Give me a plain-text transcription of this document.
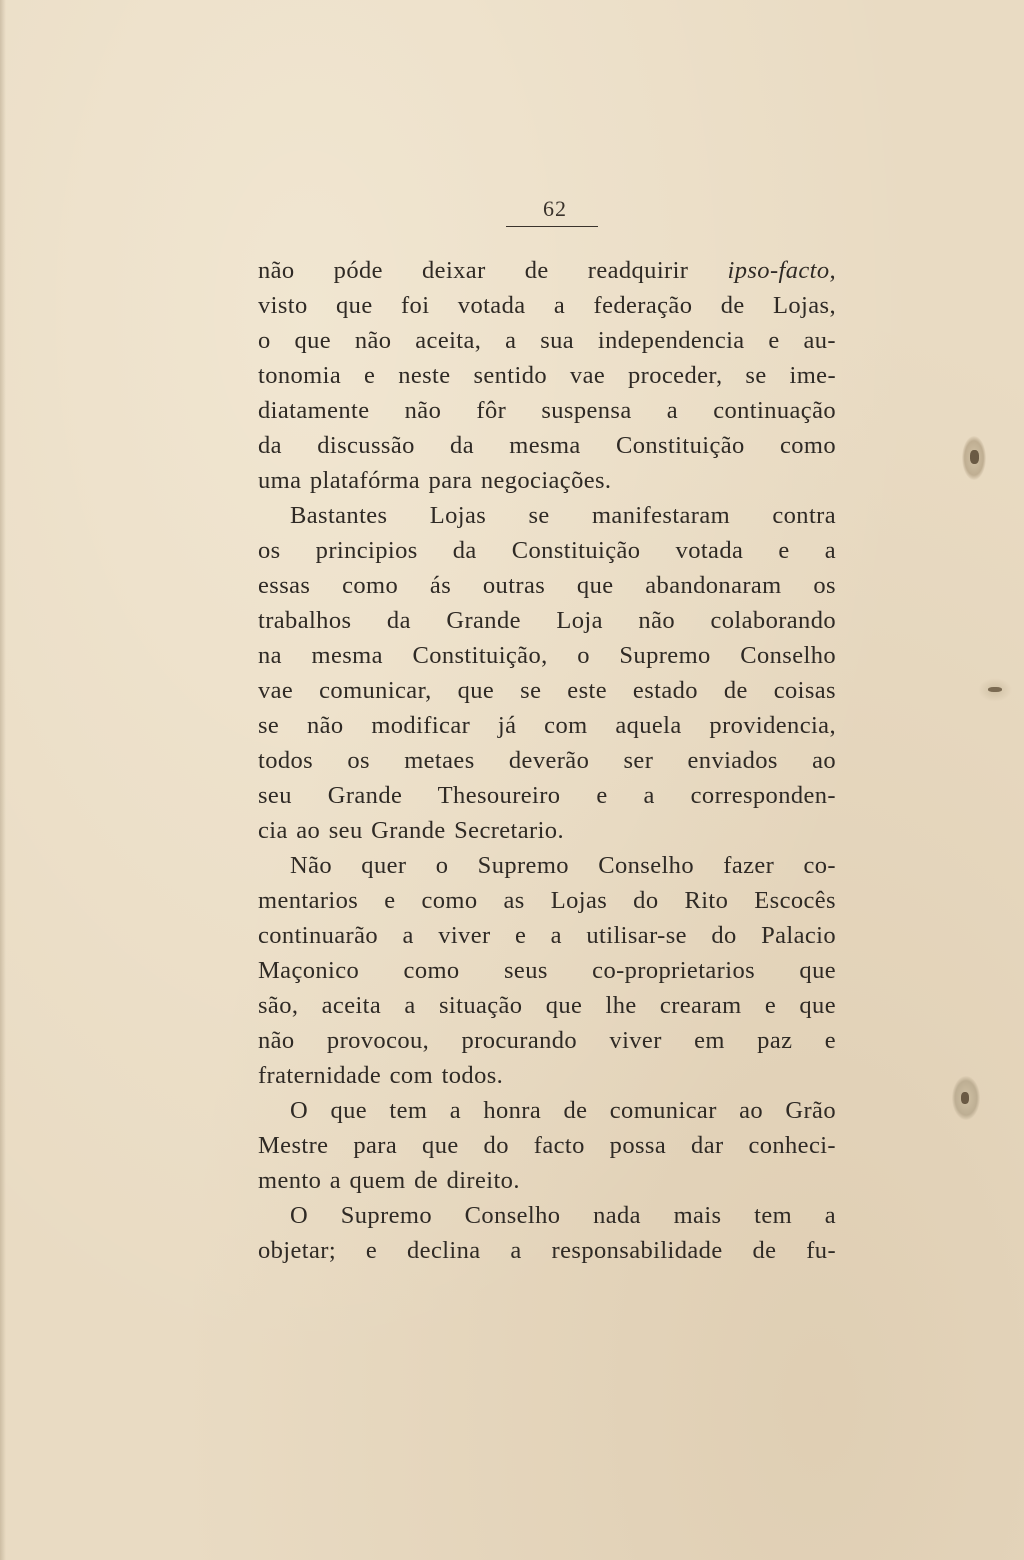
62
não póde deixar de readquirir ipso-facto,
visto que foi votada a federação de Lojas,
o que não aceita, a sua independencia e au-
tonomia e neste sentido vae proceder, se ime-
diatamente não fôr suspensa a continuação
da discussão da mesma Constituição como
uma platafórma para negociações.
Bastantes Lojas se manifestaram contra
os principios da Constituição votada e a
essas como ás outras que abandonaram os
trabalhos da Grande Loja não colaborando
na mesma Constituição, o Supremo Conselho
vae comunicar, que se este estado de coisas
se não modificar já com aquela providencia,
todos os metaes deverão ser enviados ao
seu Grande Thesoureiro e a corresponden-
cia ao seu Grande Secretario.
Não quer o Supremo Conselho fazer co-
mentarios e como as Lojas do Rito Escocês
continuarão a viver e a utilisar-se do Palacio
Maçonico como seus co-proprietarios que
são, aceita a situação que lhe crearam e que
não provocou, procurando viver em paz e
fraternidade com todos.
O que tem a honra de comunicar ao Grão
Mestre para que do facto possa dar conheci-
mento a quem de direito.
O Supremo Conselho nada mais tem a
objetar; e declina a responsabilidade de fu-
